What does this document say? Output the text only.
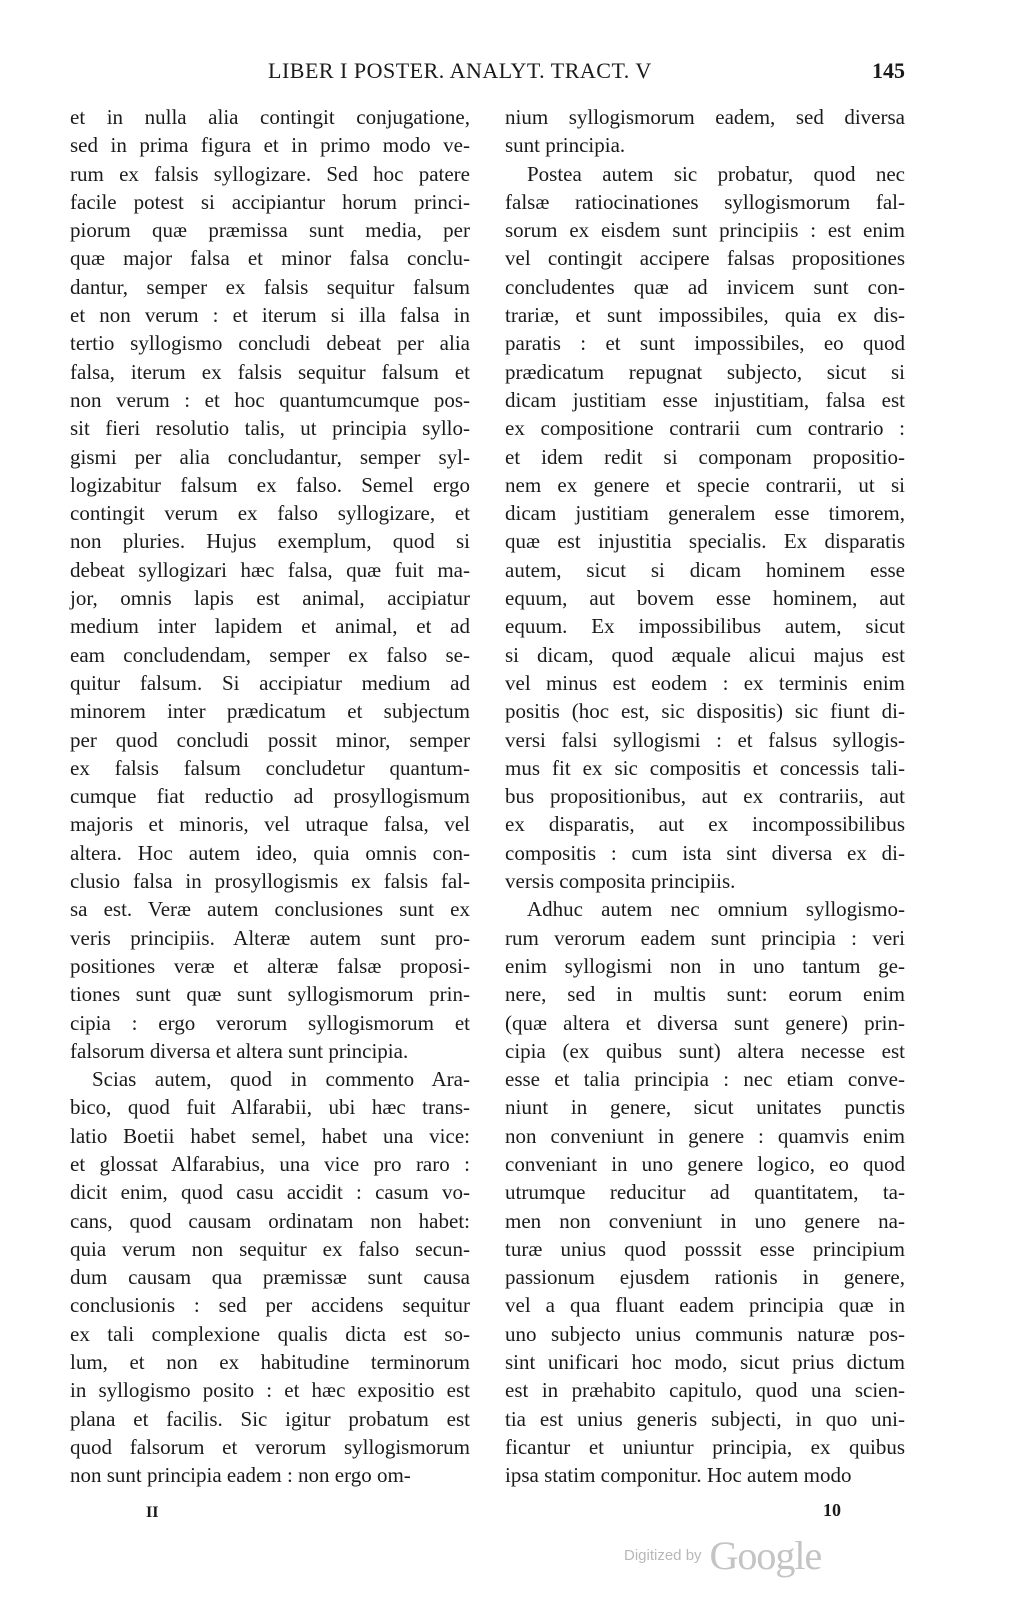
LIBER I POSTER. ANALYT. TRACT. V	145
et in nulla alia contingit conjugatione,
sed in prima figura et in primo modo ve-
rum ex falsis syllogizare. Sed hoc patere
facile potest si accipiantur horum princi-
piorum quæ præmissa sunt media, per
quæ major falsa et minor falsa conclu-
dantur, semper ex falsis sequitur falsum
et non verum : et iterum si illa falsa in
tertio syllogismo concludi debeat per alia
falsa, iterum ex falsis sequitur falsum et
non verum : et hoc quantumcumque pos-
sit fieri resolutio talis, ut principia syllo-
gismi per alia concludantur, semper syl-
logizabitur falsum ex falso. Semel ergo
contingit verum ex falso syllogizare, et
non pluries. Hujus exemplum, quod si
debeat syllogizari hæc falsa, quæ fuit ma-
jor, omnis lapis est animal, accipiatur
medium inter lapidem et animal, et ad
eam concludendam, semper ex falso se-
quitur falsum. Si accipiatur medium ad
minorem inter prædicatum et subjectum
per quod concludi possit minor, semper
ex falsis falsum concludetur quantum-
cumque fiat reductio ad prosyllogismum
majoris et minoris, vel utraque falsa, vel
altera. Hoc autem ideo, quia omnis con-
clusio falsa in prosyllogismis ex falsis fal-
sa est. Veræ autem conclusiones sunt ex
veris principiis. Alteræ autem sunt pro-
positiones veræ et alteræ falsæ proposi-
tiones sunt quæ sunt syllogismorum prin-
cipia : ergo verorum syllogismorum et
falsorum diversa et altera sunt principia.
Scias autem, quod in commento Ara-
bico, quod fuit Alfarabii, ubi hæc trans-
latio Boetii habet semel, habet una vice:
et glossat Alfarabius, una vice pro raro :
dicit enim, quod casu accidit : casum vo-
cans, quod causam ordinatam non habet:
quia verum non sequitur ex falso secun-
dum causam qua præmissæ sunt causa
conclusionis : sed per accidens sequitur
ex tali complexione qualis dicta est so-
lum, et non ex habitudine terminorum
in syllogismo posito : et hæc expositio est
plana et facilis. Sic igitur probatum est
quod falsorum et verorum syllogismorum
non sunt principia eadem : non ergo om-
nium syllogismorum eadem, sed diversa
sunt principia.
Postea autem sic probatur, quod nec
falsæ ratiocinationes syllogismorum fal-
sorum ex eisdem sunt principiis : est enim
vel contingit accipere falsas propositiones
concludentes quæ ad invicem sunt con-
trariæ, et sunt impossibiles, quia ex dis-
paratis : et sunt impossibiles, eo quod
prædicatum repugnat subjecto, sicut si
dicam justitiam esse injustitiam, falsa est
ex compositione contrarii cum contrario :
et idem redit si componam propositio-
nem ex genere et specie contrarii, ut si
dicam justitiam generalem esse timorem,
quæ est injustitia specialis. Ex disparatis
autem, sicut si dicam hominem esse
equum, aut bovem esse hominem, aut
equum. Ex impossibilibus autem, sicut
si dicam, quod æquale alicui majus est
vel minus est eodem : ex terminis enim
positis (hoc est, sic dispositis) sic fiunt di-
versi falsi syllogismi : et falsus syllogis-
mus fit ex sic compositis et concessis tali-
bus propositionibus, aut ex contrariis, aut
ex disparatis, aut ex incompossibilibus
compositis : cum ista sint diversa ex di-
versis composita principiis.
Adhuc autem nec omnium syllogismo-
rum verorum eadem sunt principia : veri
enim syllogismi non in uno tantum ge-
nere, sed in multis sunt: eorum enim
(quæ altera et diversa sunt genere) prin-
cipia (ex quibus sunt) altera necesse est
esse et talia principia : nec etiam conve-
niunt in genere, sicut unitates punctis
non conveniunt in genere : quamvis enim
conveniant in uno genere logico, eo quod
utrumque reducitur ad quantitatem, ta-
men non conveniunt in uno genere na-
turæ unius quod posssit esse principium
passionum ejusdem rationis in genere,
vel a qua fluant eadem principia quæ in
uno subjecto unius communis naturæ pos-
sint unificari hoc modo, sicut prius dictum
est in præhabito capitulo, quod una scien-
tia est unius generis subjecti, in quo uni-
ficantur et uniuntur principia, ex quibus
ipsa statim componitur. Hoc autem modo
II	10
Digitized by Google
